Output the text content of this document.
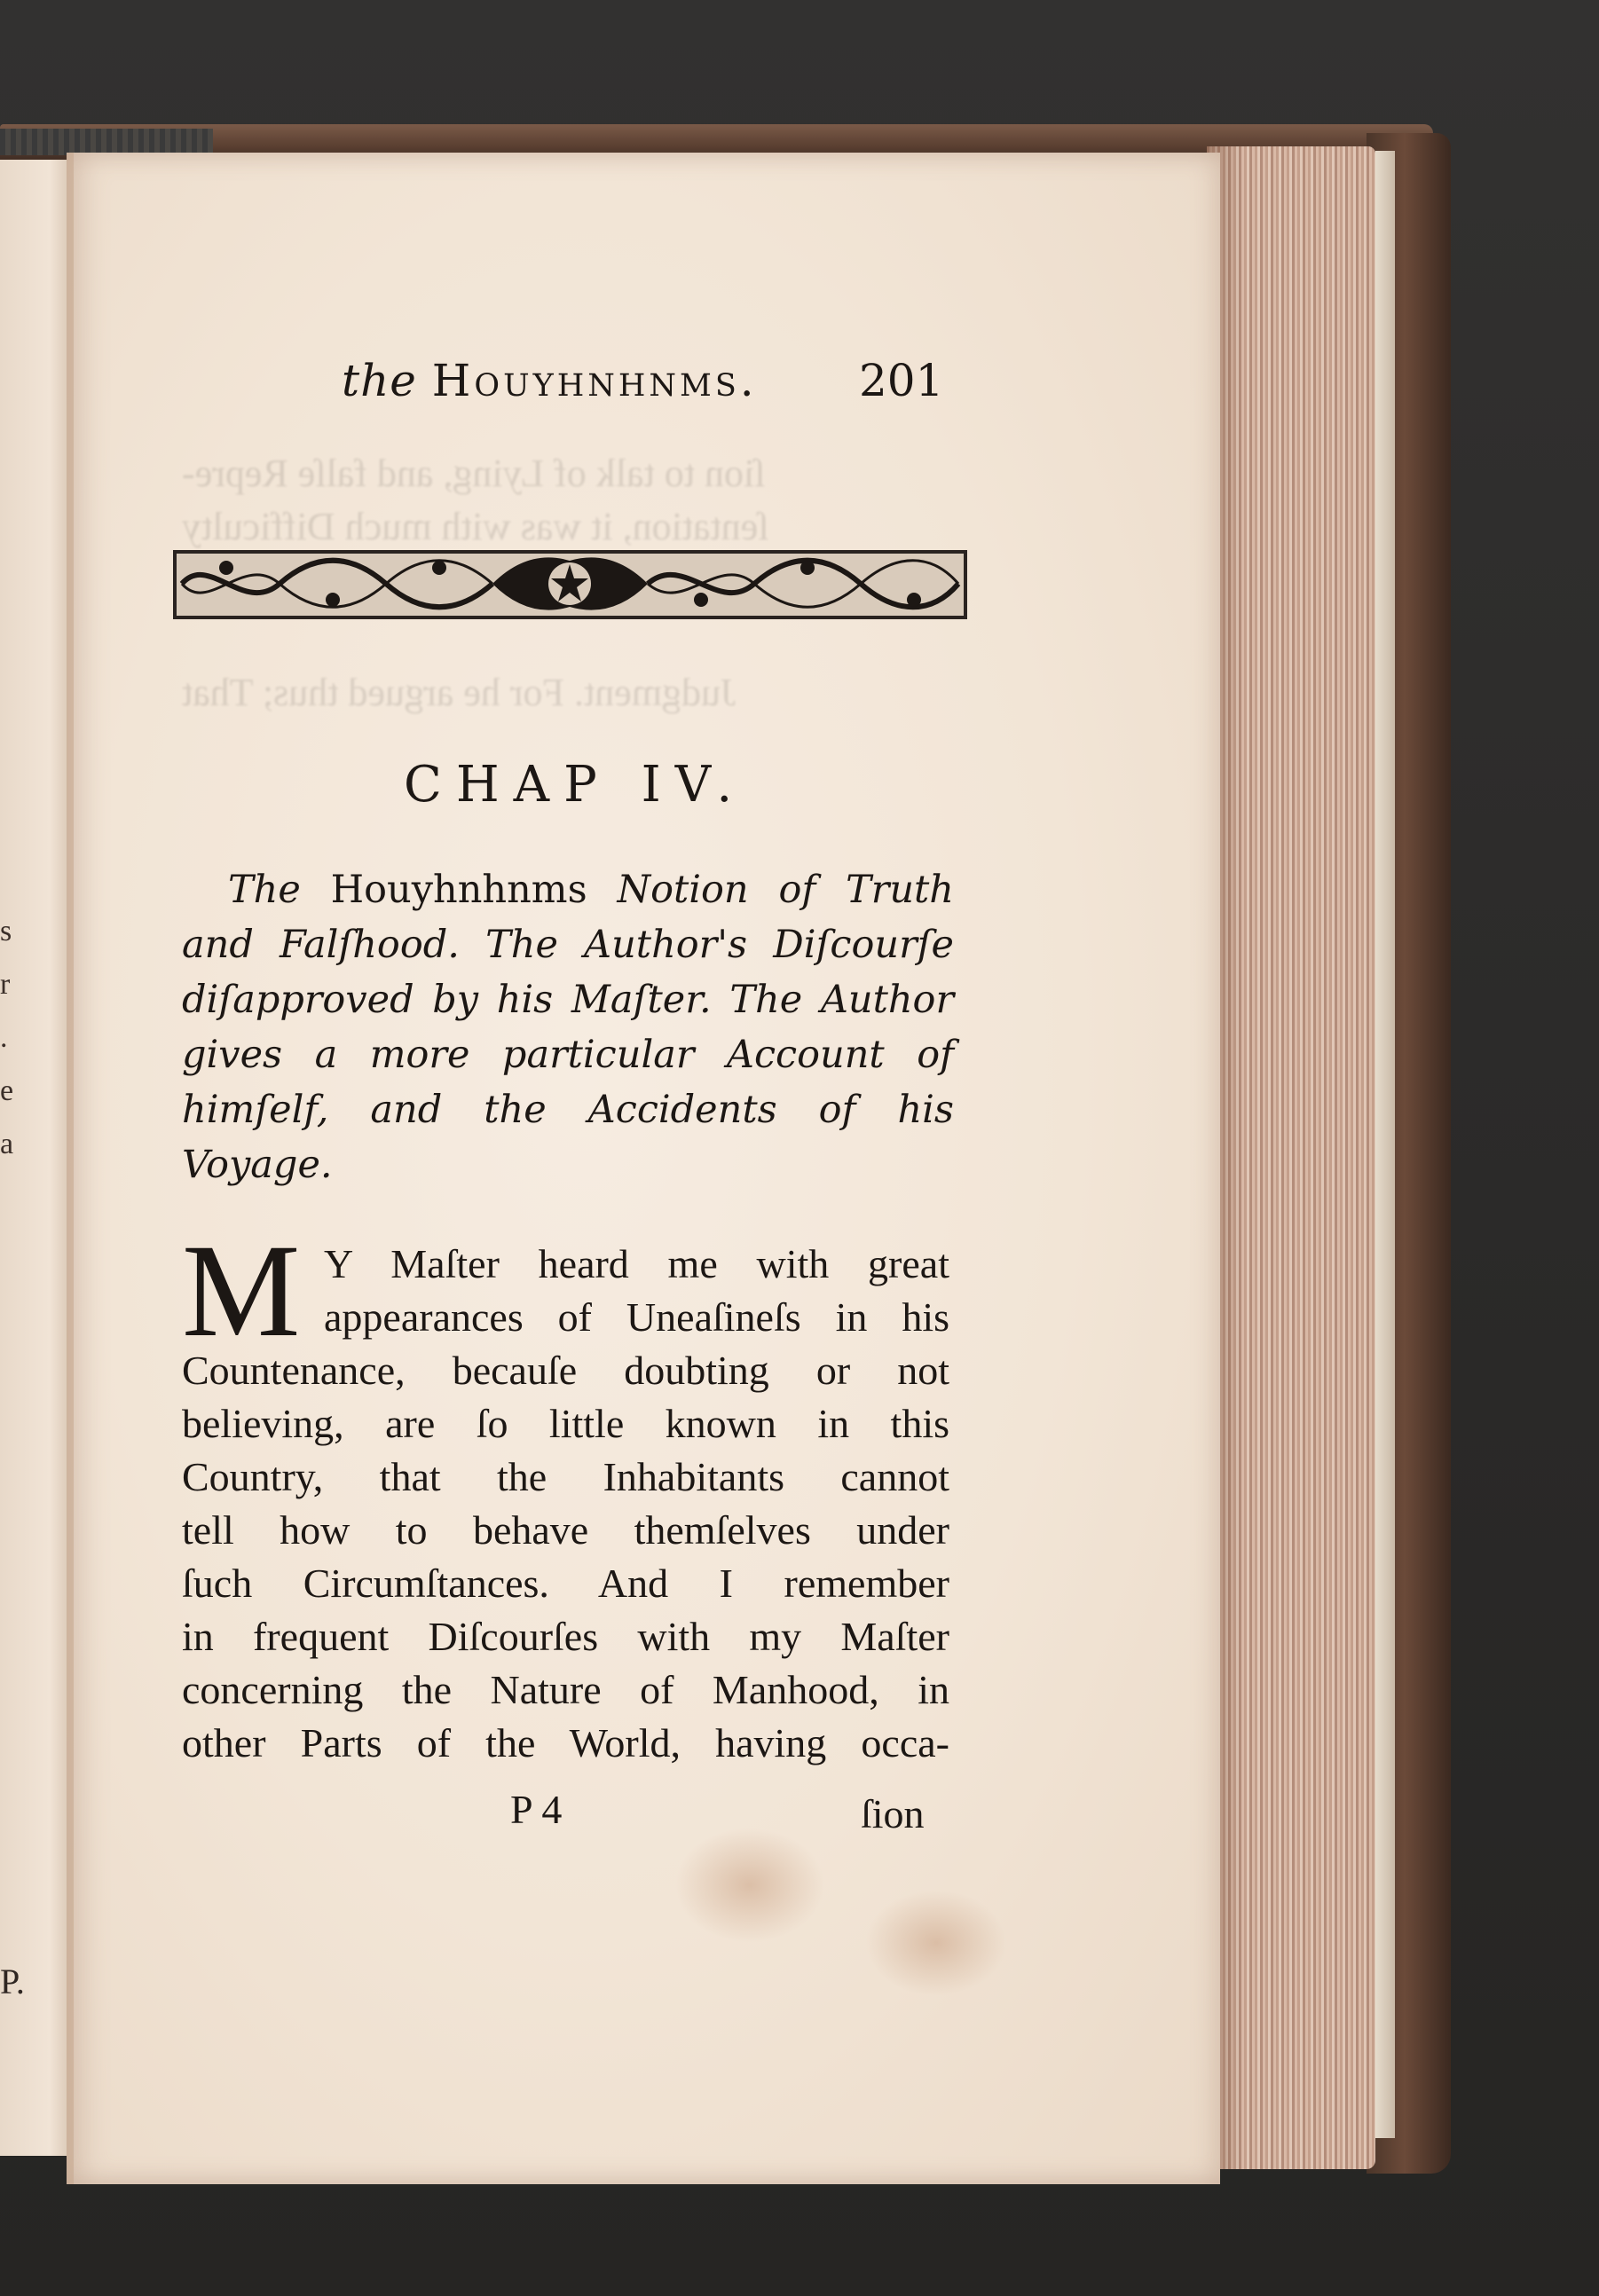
s
r
.
e
a
P.
ſion to talk of Lying, and falſe Repre-
ſentation, it was with much Difficulty
Judgment. For he argued thus; That
the Houyhnhnms.	201
CHAP IV.
The Houyhnhnms Notion of Truth
and Falſhood. The Author's Diſcourſe
diſapproved by his Maſter. The Author
gives a more particular Account of
himſelf, and the Accidents of his
Voyage.
M Y Maſter heard me with great
appearances of Uneaſineſs in his
Countenance, becauſe doubting or not
believing, are ſo little known in this
Country, that the Inhabitants cannot
tell how to behave themſelves under
ſuch Circumſtances. And I remember
in frequent Diſcourſes with my Maſter
concerning the Nature of Manhood, in
other Parts of the World, having occa-
P 4	ſion
